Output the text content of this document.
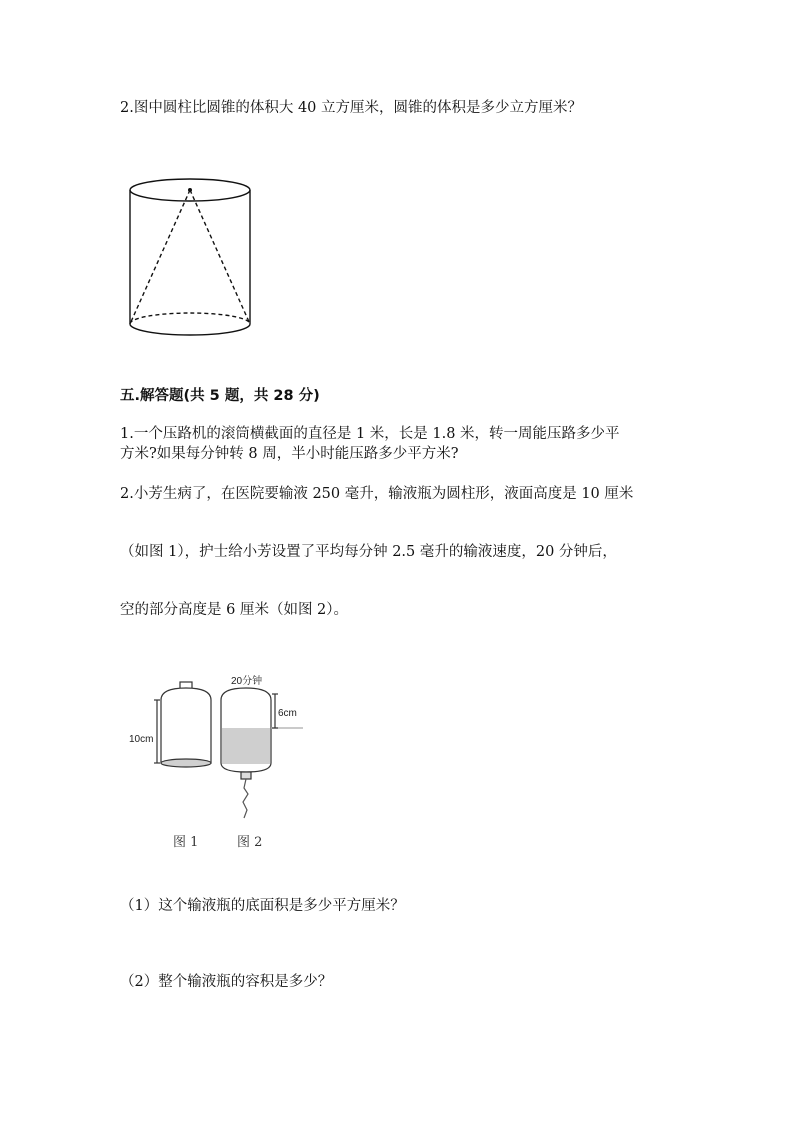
2.图中圆柱比圆锥的体积大 40 立方厘米，圆锥的体积是多少立方厘米？
五.解答题(共 5 题，共 28 分)
1.一个压路机的滚筒横截面的直径是 1 米，长是 1.8 米，转一周能压路多少平
方米?如果每分钟转 8 周，半小时能压路多少平方米?
2.小芳生病了，在医院要输液 250 毫升，输液瓶为圆柱形，液面高度是 10 厘米
（如图 1），护士给小芳设置了平均每分钟 2.5 毫升的输液速度，20 分钟后，
空的部分高度是 6 厘米（如图 2）。
20分钟
10cm
6cm
图 1	图 2
（1）这个输液瓶的底面积是多少平方厘米？
（2）整个输液瓶的容积是多少？
